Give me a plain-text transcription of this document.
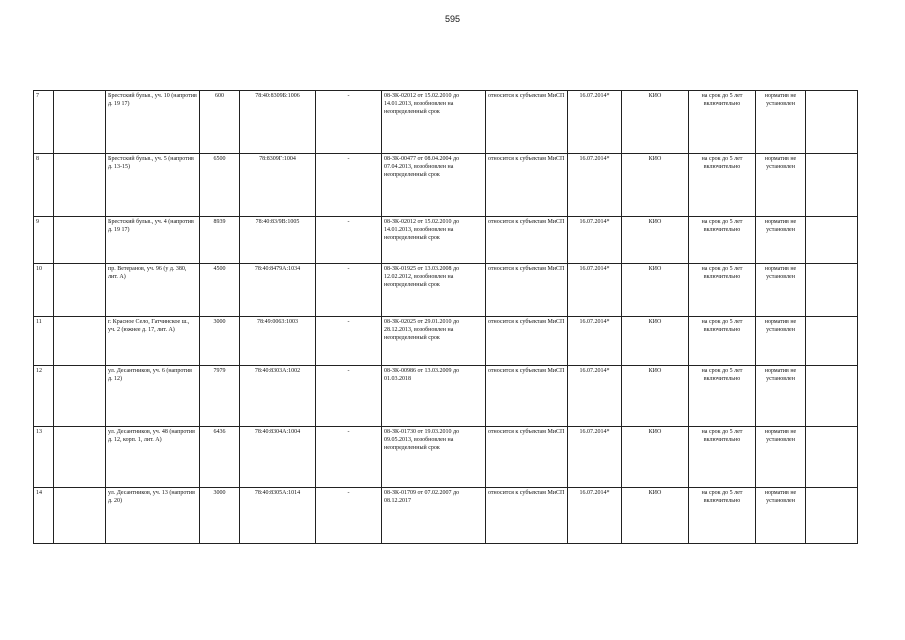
595
7		Брестский бульв., уч. 10 (напротив д. 19 17)	600	78:40:8309Б:1006	-	08-ЗК-02012 от 15.02.2010 до 14.01.2013, возобновлен на неопределенный срок	относится к субъектам МиСП	16.07.2014*	КИО	на срок до 5 лет включительно	норматив не установлен	
8		Брестский бульв., уч. 5 (напротив д. 13-15)	6500	78:8309Г:1004	-	08-ЗК-00477 от 08.04.2004 до 07.04.2013, возобновлен на неопределенный срок	относится к субъектам МиСП	16.07.2014*	КИО	на срок до 5 лет включительно	норматив не установлен	
9		Брестский бульв., уч. 4 (напротив д. 19 17)	8939	78:40:83/9В:1005	-	08-ЗК-02012 от 15.02.2010 до 14.01.2013, возобновлен на неопределенный срок	относится к субъектам МиСП	16.07.2014*	КИО	на срок до 5 лет включительно	норматив не установлен	
10		пр. Ветеранов, уч. 96 (у д. 380, лит. А)	4500	78:40:8479А:1034	-	08-ЗК-01925 от 13.03.2008 до 12.02.2012, возобновлен на неопределенный срок	относится к субъектам МиСП	16.07.2014*	КИО	на срок до 5 лет включительно	норматив не установлен	
11		г. Красное Село, Гатчинское ш., уч. 2 (южнее д. 17, лит. А)	3000	78:49:0063:1003	-	08-ЗК-02025 от 29.01.2010 до 28.12.2013, возобновлен на неопределенный срок	относится к субъектам МиСП	16.07.2014*	КИО	на срок до 5 лет включительно	норматив не установлен	
12		ул. Десантников, уч. 6 (напротив д. 12)	7979	78:40:8303А:1002	-	08-ЗК-00986 от 13.03.2009 до 01.03.2018	относится к субъектам МиСП	16.07.2014*	КИО	на срок до 5 лет включительно	норматив не установлен	
13		ул. Десантников, уч. 48 (напротив д. 12, корп. 1, лит. А)	6436	78:40:8304А:1004	-	08-ЗК-01730 от 19.03.2010 до 09.05.2013, возобновлен на неопределенный срок	относится к субъектам МиСП	16.07.2014*	КИО	на срок до 5 лет включительно	норматив не установлен	
14		ул. Десантников, уч. 13 (напротив д. 20)	3000	78:40:8305А:1014	-	08-ЗК-01709 от 07.02.2007 до 08.12.2017	относится к субъектам МиСП	16.07.2014*	КИО	на срок до 5 лет включительно	норматив не установлен	
